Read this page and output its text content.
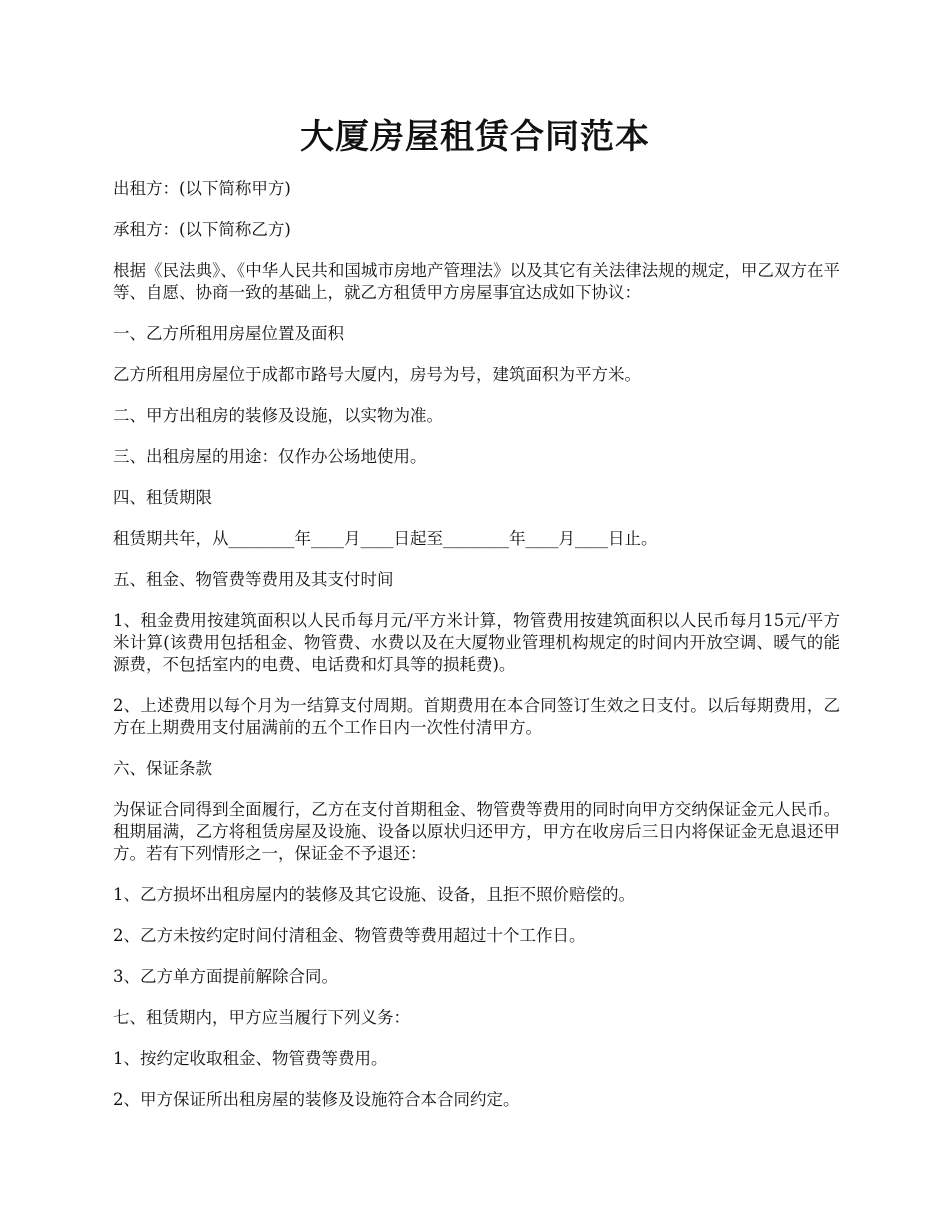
大厦房屋租赁合同范本

出租方：(以下简称甲方)

承租方：(以下简称乙方)

根据《民法典》、《中华人民共和国城市房地产管理法》以及其它有关法律法规的规定，甲乙双方在平等、自愿、协商一致的基础上，就乙方租赁甲方房屋事宜达成如下协议：

一、乙方所租用房屋位置及面积

乙方所租用房屋位于成都市路号大厦内，房号为号，建筑面积为平方米。

二、甲方出租房的装修及设施，以实物为准。

三、出租房屋的用途：仅作办公场地使用。

四、租赁期限

租赁期共年，从________年____月____日起至________年____月____日止。

五、租金、物管费等费用及其支付时间

1、租金费用按建筑面积以人民币每月元/平方米计算，物管费用按建筑面积以人民币每月15元/平方米计算(该费用包括租金、物管费、水费以及在大厦物业管理机构规定的时间内开放空调、暖气的能源费，不包括室内的电费、电话费和灯具等的损耗费)。

2、上述费用以每个月为一结算支付周期。首期费用在本合同签订生效之日支付。以后每期费用，乙方在上期费用支付届满前的五个工作日内一次性付清甲方。

六、保证条款

为保证合同得到全面履行，乙方在支付首期租金、物管费等费用的同时向甲方交纳保证金元人民币。租期届满，乙方将租赁房屋及设施、设备以原状归还甲方，甲方在收房后三日内将保证金无息退还甲方。若有下列情形之一，保证金不予退还：

1、乙方损坏出租房屋内的装修及其它设施、设备，且拒不照价赔偿的。

2、乙方未按约定时间付清租金、物管费等费用超过十个工作日。

3、乙方单方面提前解除合同。

七、租赁期内，甲方应当履行下列义务：

1、按约定收取租金、物管费等费用。

2、甲方保证所出租房屋的装修及设施符合本合同约定。
